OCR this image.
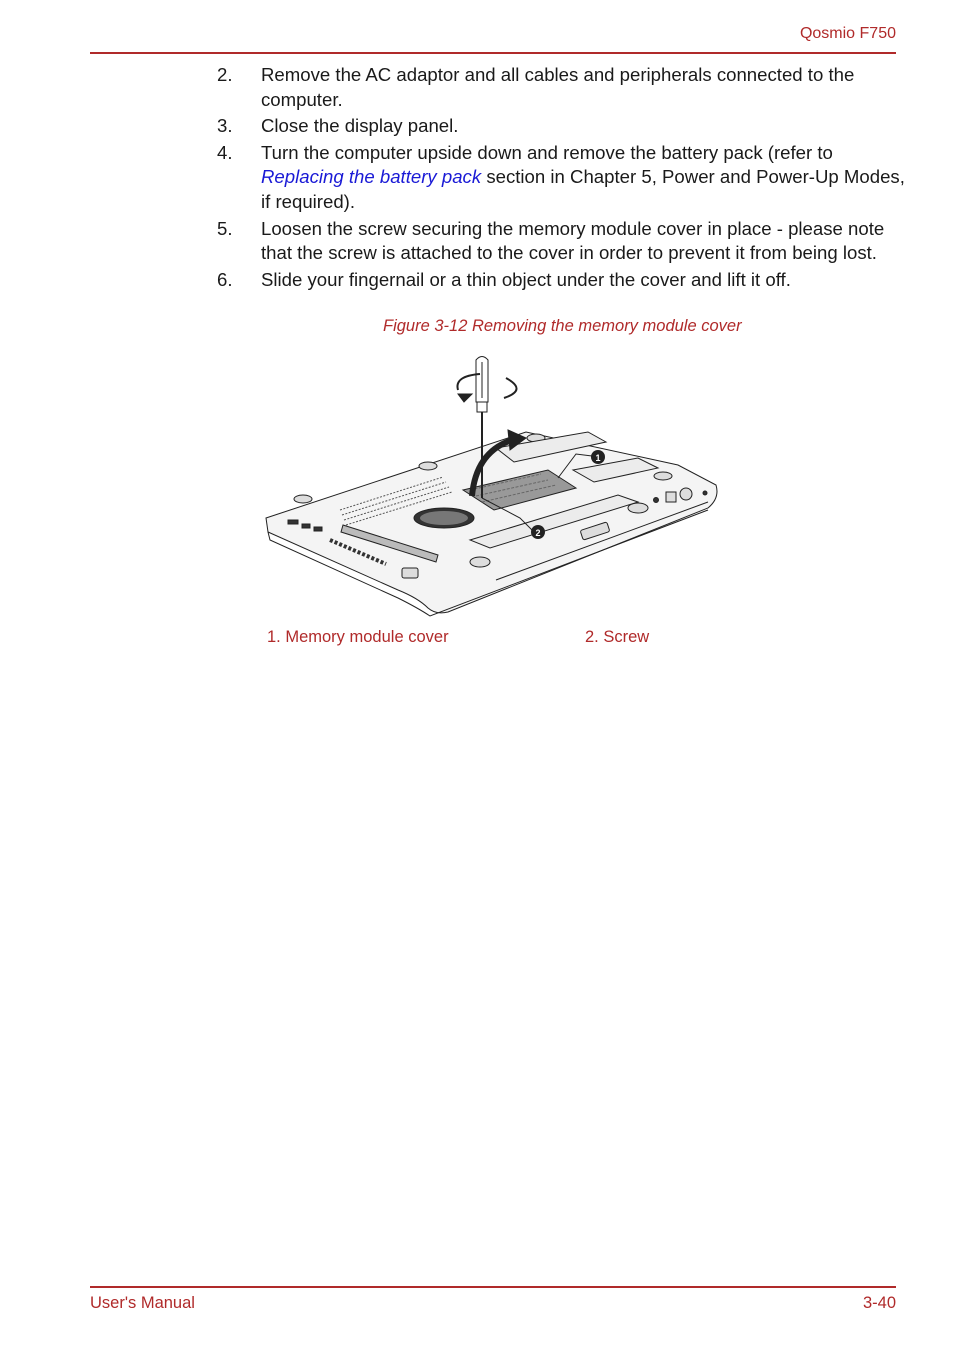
Qosmio F750
2. Remove the AC adaptor and all cables and peripherals connected to the computer.
3. Close the display panel.
4. Turn the computer upside down and remove the battery pack (refer to Replacing the battery pack section in Chapter 5, Power and Power-Up Modes, if required).
5. Loosen the screw securing the memory module cover in place - please note that the screw is attached to the cover in order to prevent it from being lost.
6. Slide your fingernail or a thin object under the cover and lift it off.
Figure 3-12 Removing the memory module cover
1
2
1. Memory module cover	2. Screw
User's Manual	3-40
